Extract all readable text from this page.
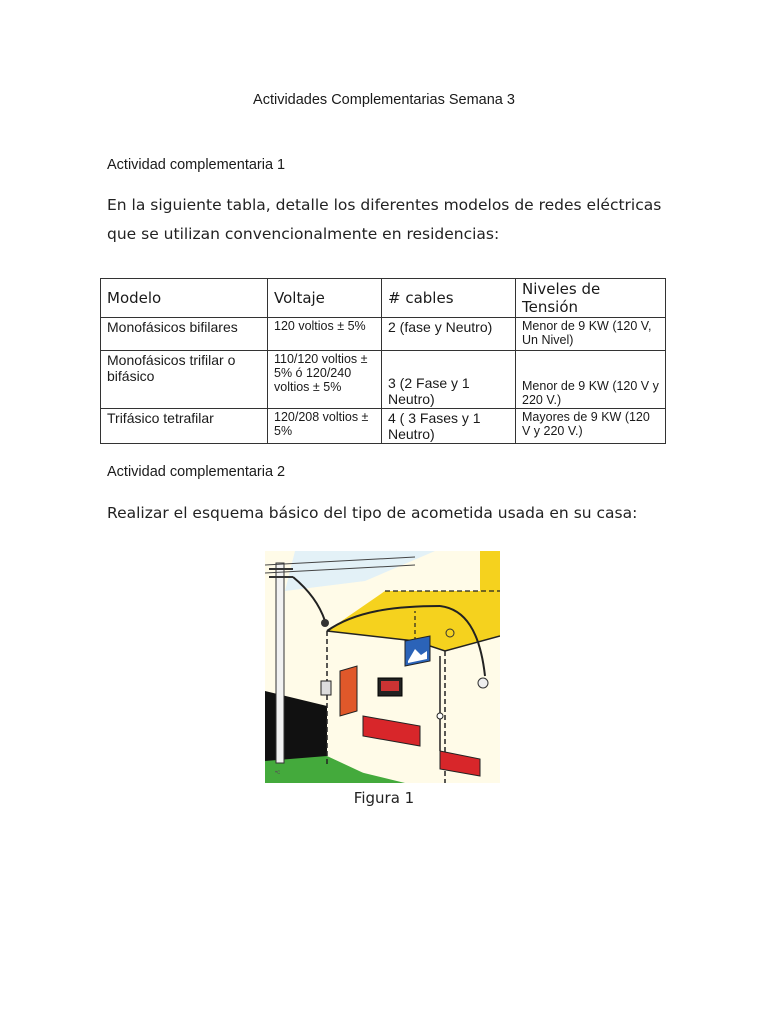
Actividades Complementarias Semana 3
Actividad complementaria 1
En la siguiente tabla, detalle los diferentes modelos de redes eléctricas que se utilizan convencionalmente en residencias:
Modelo	Voltaje	# cables	Niveles de Tensión
Monofásicos bifilares	120 voltios ± 5%	2 (fase y Neutro)	Menor de 9 KW (120 V, Un Nivel)
Monofásicos trifilar o bifásico	110/120 voltios ± 5% ó 120/240 voltios ± 5%	3 (2 Fase y 1 Neutro)	Menor de 9 KW (120 V y 220 V.)
Trifásico tetrafilar	120/208 voltios ± 5%	4 ( 3 Fases y 1 Neutro)	Mayores de 9 KW (120 V y 220 V.)
Actividad complementaria 2
Realizar el esquema básico del tipo de acometida usada en su casa:
•c
Figura 1
